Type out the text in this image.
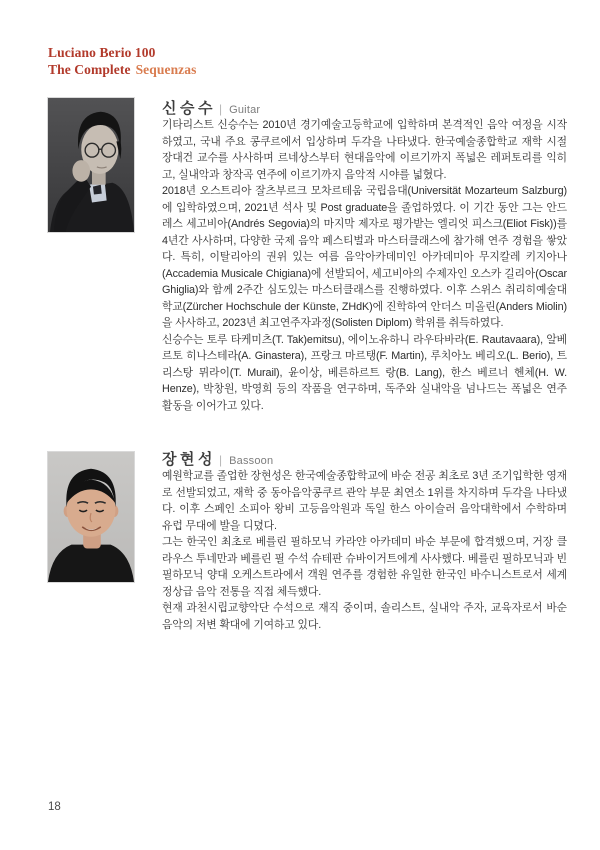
Luciano Berio 100
The Complete Sequenzas
신승수 | Guitar

기타리스트 신승수는 2010년 경기예술고등학교에 입학하며 본격적인 음악 여정을 시작하였고, 국내 주요 콩쿠르에서 입상하며 두각을 나타냈다. 한국예술종합학교 재학 시절 장대건 교수를 사사하며 르네상스부터 현대음악에 이르기까지 폭넓은 레퍼토리를 익히고, 실내악과 창작곡 연주에 이르기까지 음악적 시야를 넓혔다.

2018년 오스트리아 잘츠부르크 모차르테움 국립음대(Universität Mozarteum Salzburg)에 입학하였으며, 2021년 석사 및 Post graduate을 졸업하였다. 이 기간 동안 그는 안드레스 세고비아(Andrés Segovia)의 마지막 제자로 평가받는 엘리엇 피스크(Eliot Fisk))를 4년간 사사하며, 다양한 국제 음악 페스티벌과 마스터클래스에 참가해 연주 경험을 쌓았다. 특히, 이탈리아의 권위 있는 여름 음악아카데미인 아카데미아 무지칼레 키지아나(Accademia Musicale Chigiana)에 선발되어, 세고비아의 수제자인 오스카 길리아(Oscar Ghiglia)와 함께 2주간 심도있는 마스터클래스를 진행하였다. 이후 스위스 취리히예술대학교(Zürcher Hochschule der Künste, ZHdK)에 진학하여 안더스 미올린(Anders Miolin)을 사사하고, 2023년 최고연주자과정(Solisten Diplom) 학위를 취득하였다.

신승수는 토루 타케미츠(T. Tak)emitsu), 에이노유하니 라우타바라(E. Rautavaara), 알베르토 히나스테라(A. Ginastera), 프랑크 마르탱(F. Martin), 루치아노 베리오(L. Berio), 트리스탕 뮈라이(T. Murail), 윤이상, 베른하르트 랑(B. Lang), 한스 베르너 헨체(H. W. Henze), 박창원, 박영희 등의 작품을 연구하며, 독주와 실내악을 넘나드는 폭넓은 연주 활동을 이어가고 있다.

장현성 | Bassoon

예원학교를 졸업한 장현성은 한국예술종합학교에 바순 전공 최초로 3년 조기입학한 영재로 선발되었고, 재학 중 동아음악콩쿠르 관악 부문 최연소 1위를 차지하며 두각을 나타냈다. 이후 스페인 소피아 왕비 고등음악원과 독일 한스 아이슬러 음악대학에서 수학하며 유럽 무대에 발을 디뎠다.

그는 한국인 최초로 베를린 필하모닉 카라얀 아카데미 바순 부문에 합격했으며, 거장 클라우스 투네만과 베를린 필 수석 슈테판 슈바이거트에게 사사했다. 베를린 필하모닉과 빈 필하모닉 양대 오케스트라에서 객원 연주를 경험한 유일한 한국인 바수니스트로서 세계 정상급 음악 전통을 직접 체득했다.

현재 과천시립교향악단 수석으로 재직 중이며, 솔리스트, 실내악 주자, 교육자로서 바순 음악의 저변 확대에 기여하고 있다.

18
